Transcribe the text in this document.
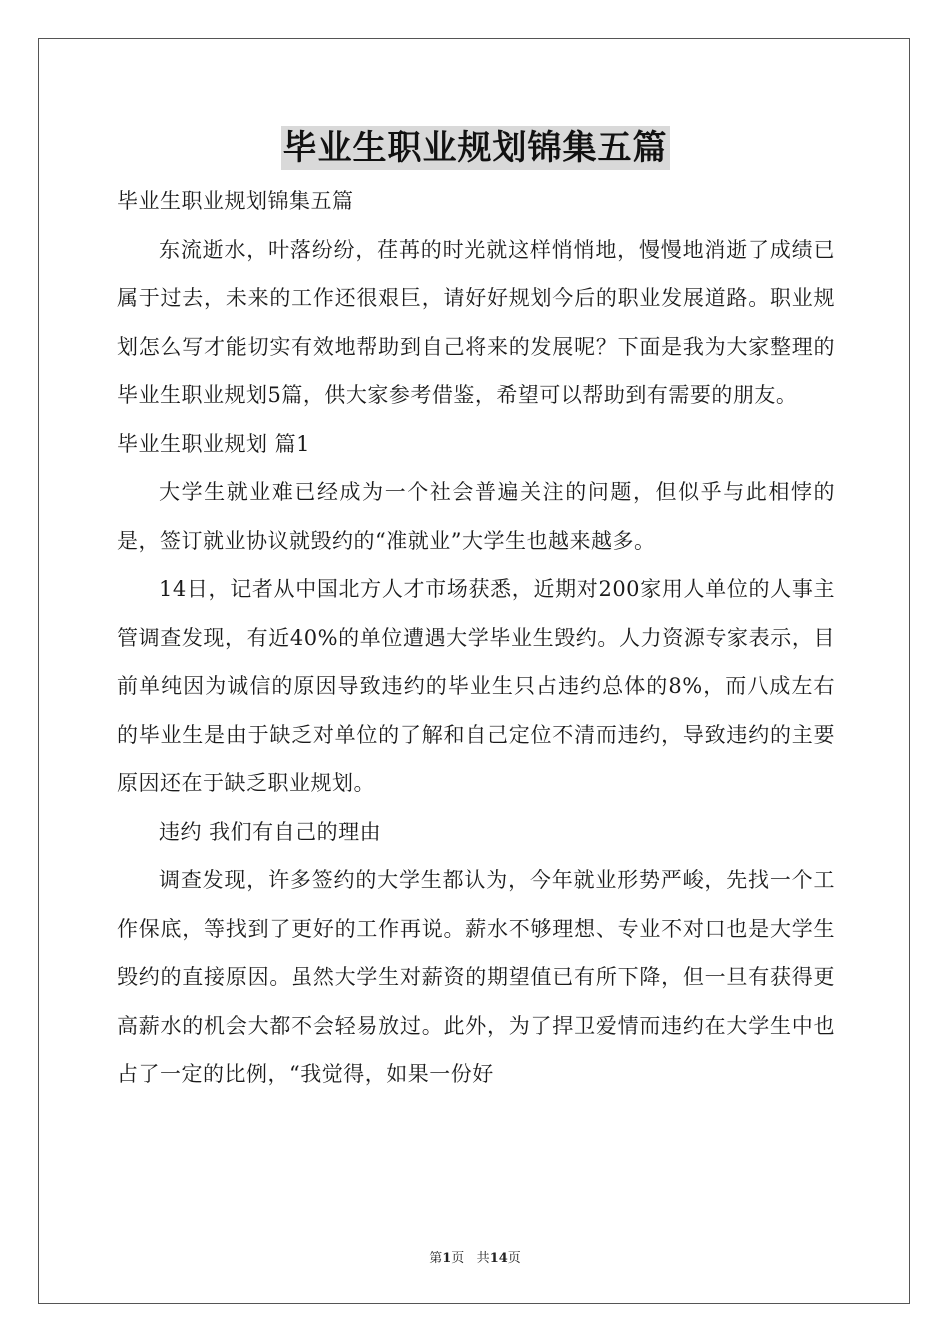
毕业生职业规划锦集五篇

毕业生职业规划锦集五篇

东流逝水，叶落纷纷，荏苒的时光就这样悄悄地，慢慢地消逝了成绩已属于过去，未来的工作还很艰巨，请好好规划今后的职业发展道路。职业规划怎么写才能切实有效地帮助到自己将来的发展呢？下面是我为大家整理的毕业生职业规划5篇，供大家参考借鉴，希望可以帮助到有需要的朋友。

毕业生职业规划 篇1

大学生就业难已经成为一个社会普遍关注的问题，但似乎与此相悖的是，签订就业协议就毁约的“准就业”大学生也越来越多。

14日，记者从中国北方人才市场获悉，近期对200家用人单位的人事主管调查发现，有近40%的单位遭遇大学毕业生毁约。人力资源专家表示，目前单纯因为诚信的原因导致违约的毕业生只占违约总体的8%，而八成左右的毕业生是由于缺乏对单位的了解和自己定位不清而违约，导致违约的主要原因还在于缺乏职业规划。

违约 我们有自己的理由

调查发现，许多签约的大学生都认为，今年就业形势严峻，先找一个工作保底，等找到了更好的工作再说。薪水不够理想、专业不对口也是大学生毁约的直接原因。虽然大学生对薪资的期望值已有所下降，但一旦有获得更高薪水的机会大都不会轻易放过。此外，为了捍卫爱情而违约在大学生中也占了一定的比例，“我觉得，如果一份好

第1页 共14页
